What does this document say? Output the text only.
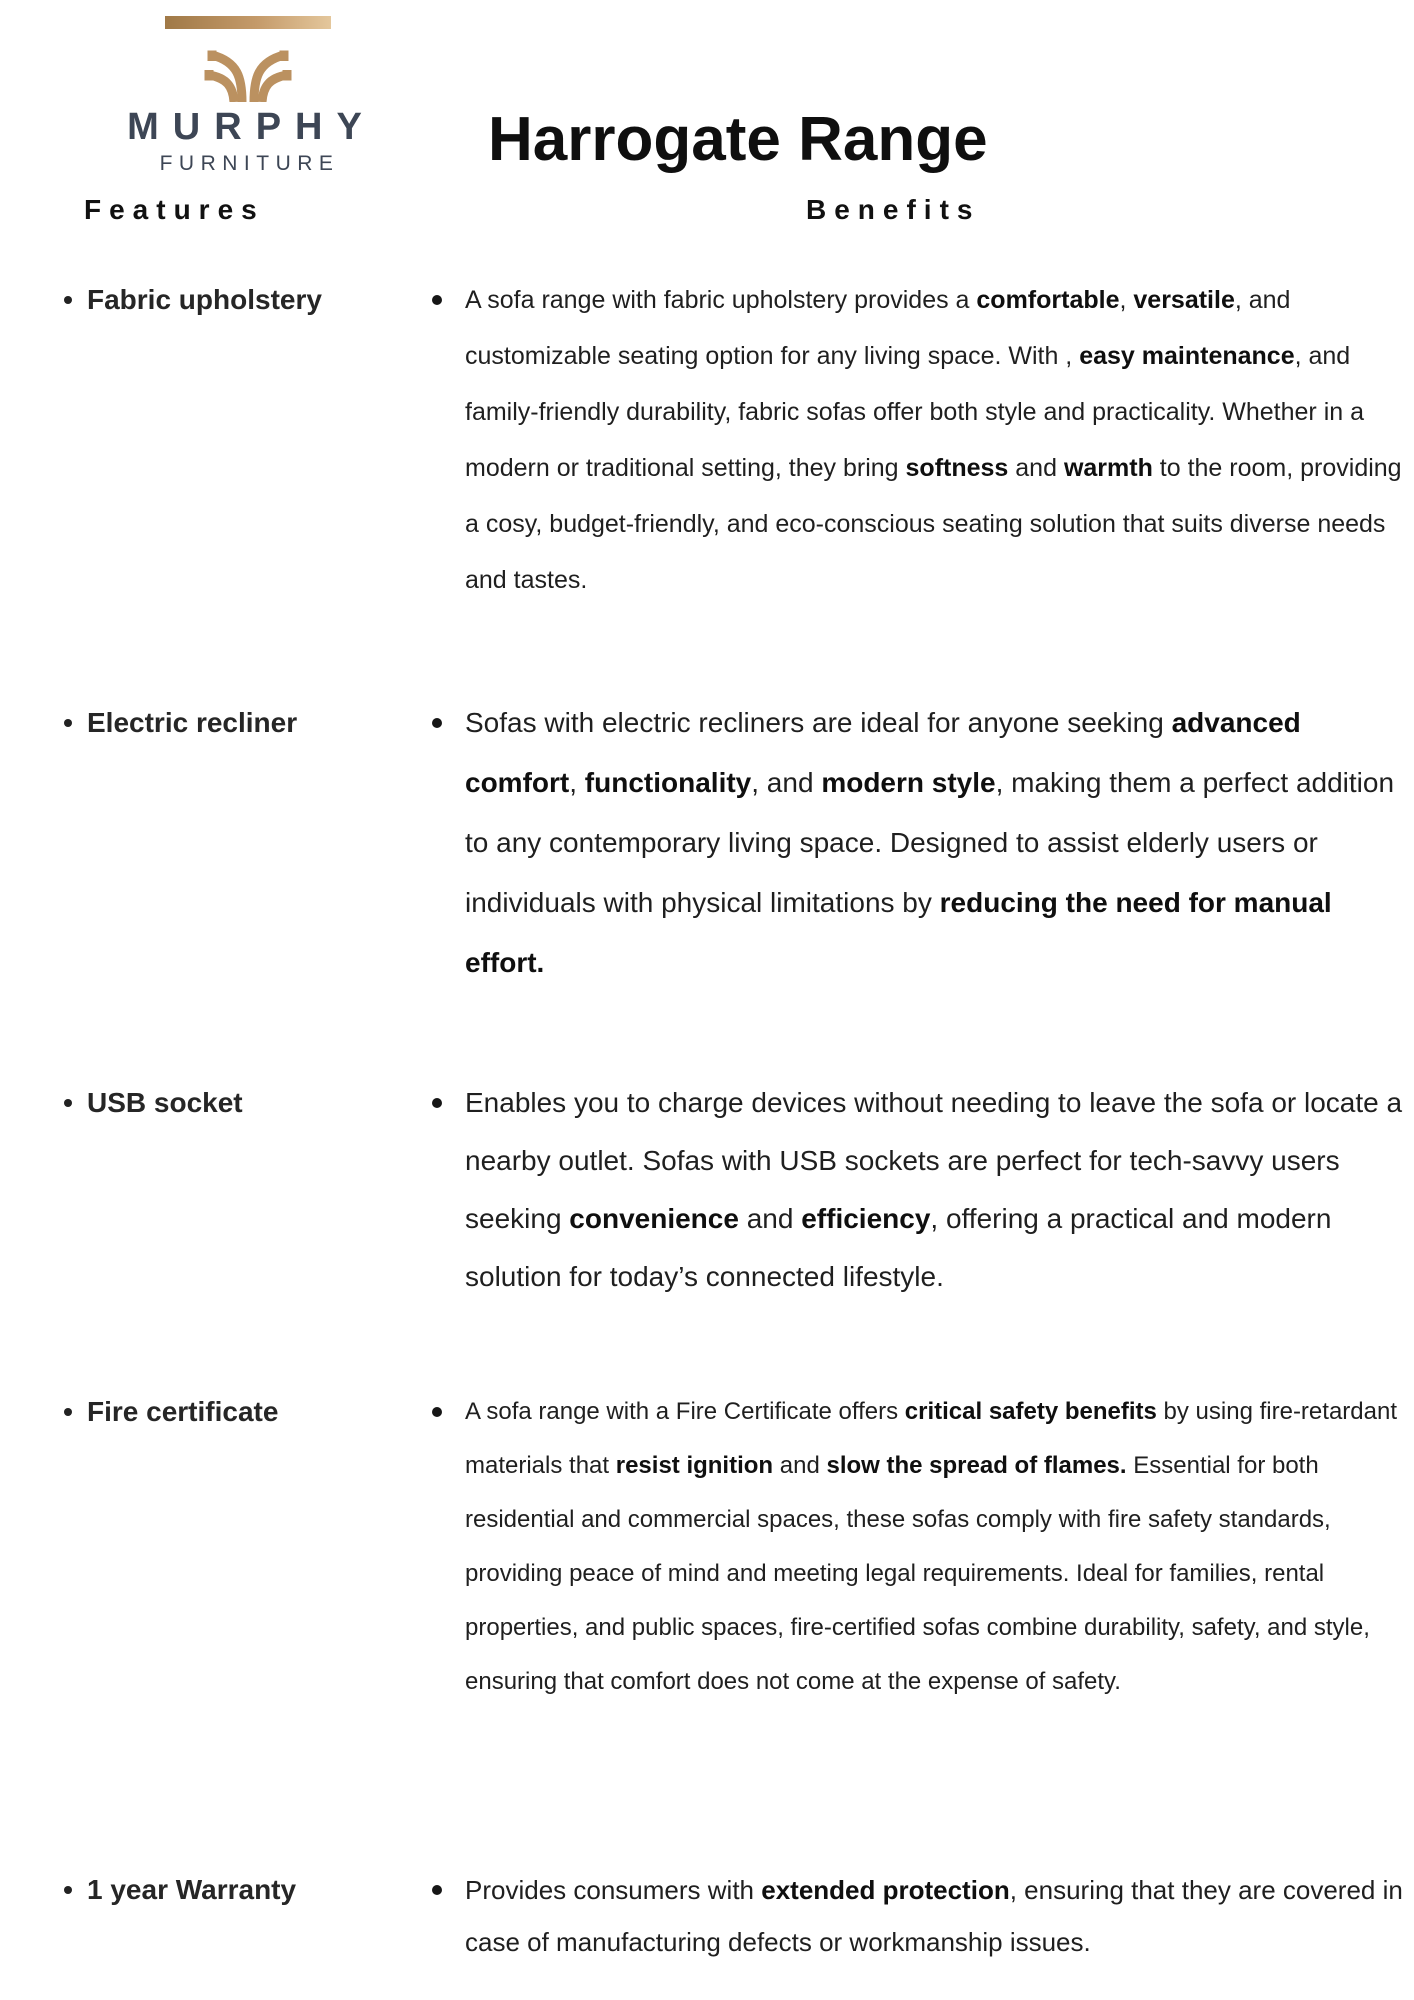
MURPHY
FURNITURE Harrogate Range
Features	Benefits
Fabric upholstery	A sofa range with fabric upholstery provides a comfortable, versatile, and customizable seating option for any living space. With , easy maintenance, and family-friendly durability, fabric sofas offer both style and practicality. Whether in a modern or traditional setting, they bring softness and warmth to the room, providing a cosy, budget-friendly, and eco-conscious seating solution that suits diverse needs and tastes.

Electric recliner	Sofas with electric recliners are ideal for anyone seeking advanced comfort, functionality, and modern style, making them a perfect addition to any contemporary living space. Designed to assist elderly users or individuals with physical limitations by reducing the need for manual effort.

USB socket	Enables you to charge devices without needing to leave the sofa or locate a nearby outlet. Sofas with USB sockets are perfect for tech-savvy users seeking convenience and efficiency, offering a practical and modern solution for today’s connected lifestyle.

Fire certificate	A sofa range with a Fire Certificate offers critical safety benefits by using fire-retardant materials that resist ignition and slow the spread of flames. Essential for both residential and commercial spaces, these sofas comply with fire safety standards, providing peace of mind and meeting legal requirements. Ideal for families, rental properties, and public spaces, fire-certified sofas combine durability, safety, and style, ensuring that comfort does not come at the expense of safety.

1 year Warranty	Provides consumers with extended protection, ensuring that they are covered in case of manufacturing defects or workmanship issues.
